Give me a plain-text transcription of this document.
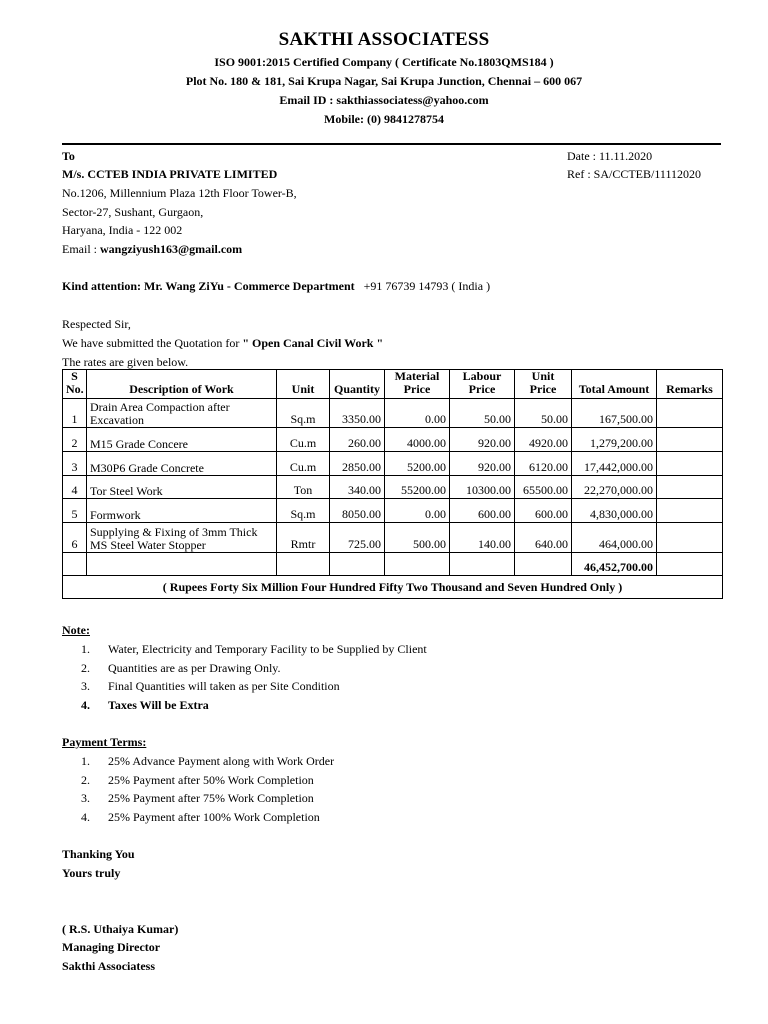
SAKTHI ASSOCIATESS
ISO 9001:2015 Certified Company ( Certificate No.1803QMS184 )
Plot No. 180 & 181, Sai Krupa Nagar, Sai Krupa Junction, Chennai – 600 067
Email ID : sakthiassociatess@yahoo.com
Mobile: (0) 9841278754
To	Date : 11.11.2020
M/s. CCTEB INDIA PRIVATE LIMITED	Ref : SA/CCTEB/11112020
No.1206, Millennium Plaza 12th Floor Tower-B,
Sector-27, Sushant, Gurgaon,
Haryana, India - 122 002
Email : wangziyush163@gmail.com
Kind attention: Mr. Wang ZiYu - Commerce Department +91 76739 14793 ( India )
Respected Sir,
We have submitted the Quotation for " Open Canal Civil Work "
The rates are given below.
S No.	Description of Work	Unit	Quantity	Material Price	Labour Price	Unit Price	Total Amount	Remarks
1	Drain Area Compaction after Excavation	Sq.m	3350.00	0.00	50.00	50.00	167,500.00	
2	M15 Grade Concere	Cu.m	260.00	4000.00	920.00	4920.00	1,279,200.00	
3	M30P6 Grade Concrete	Cu.m	2850.00	5200.00	920.00	6120.00	17,442,000.00	
4	Tor Steel Work	Ton	340.00	55200.00	10300.00	65500.00	22,270,000.00	
5	Formwork	Sq.m	8050.00	0.00	600.00	600.00	4,830,000.00	
6	Supplying & Fixing of 3mm Thick MS Steel Water Stopper	Rmtr	725.00	500.00	140.00	640.00	464,000.00	
							46,452,700.00	
( Rupees Forty Six Million Four Hundred Fifty Two Thousand and Seven Hundred Only )								
Note:
1. Water, Electricity and Temporary Facility to be Supplied by Client
2. Quantities are as per Drawing Only.
3. Final Quantities will taken as per Site Condition
4. Taxes Will be Extra
Payment Terms:
1. 25% Advance Payment along with Work Order
2. 25% Payment after 50% Work Completion
3. 25% Payment after 75% Work Completion
4. 25% Payment after 100% Work Completion
Thanking You
Yours truly
( R.S. Uthaiya Kumar)
Managing Director
Sakthi Associatess
